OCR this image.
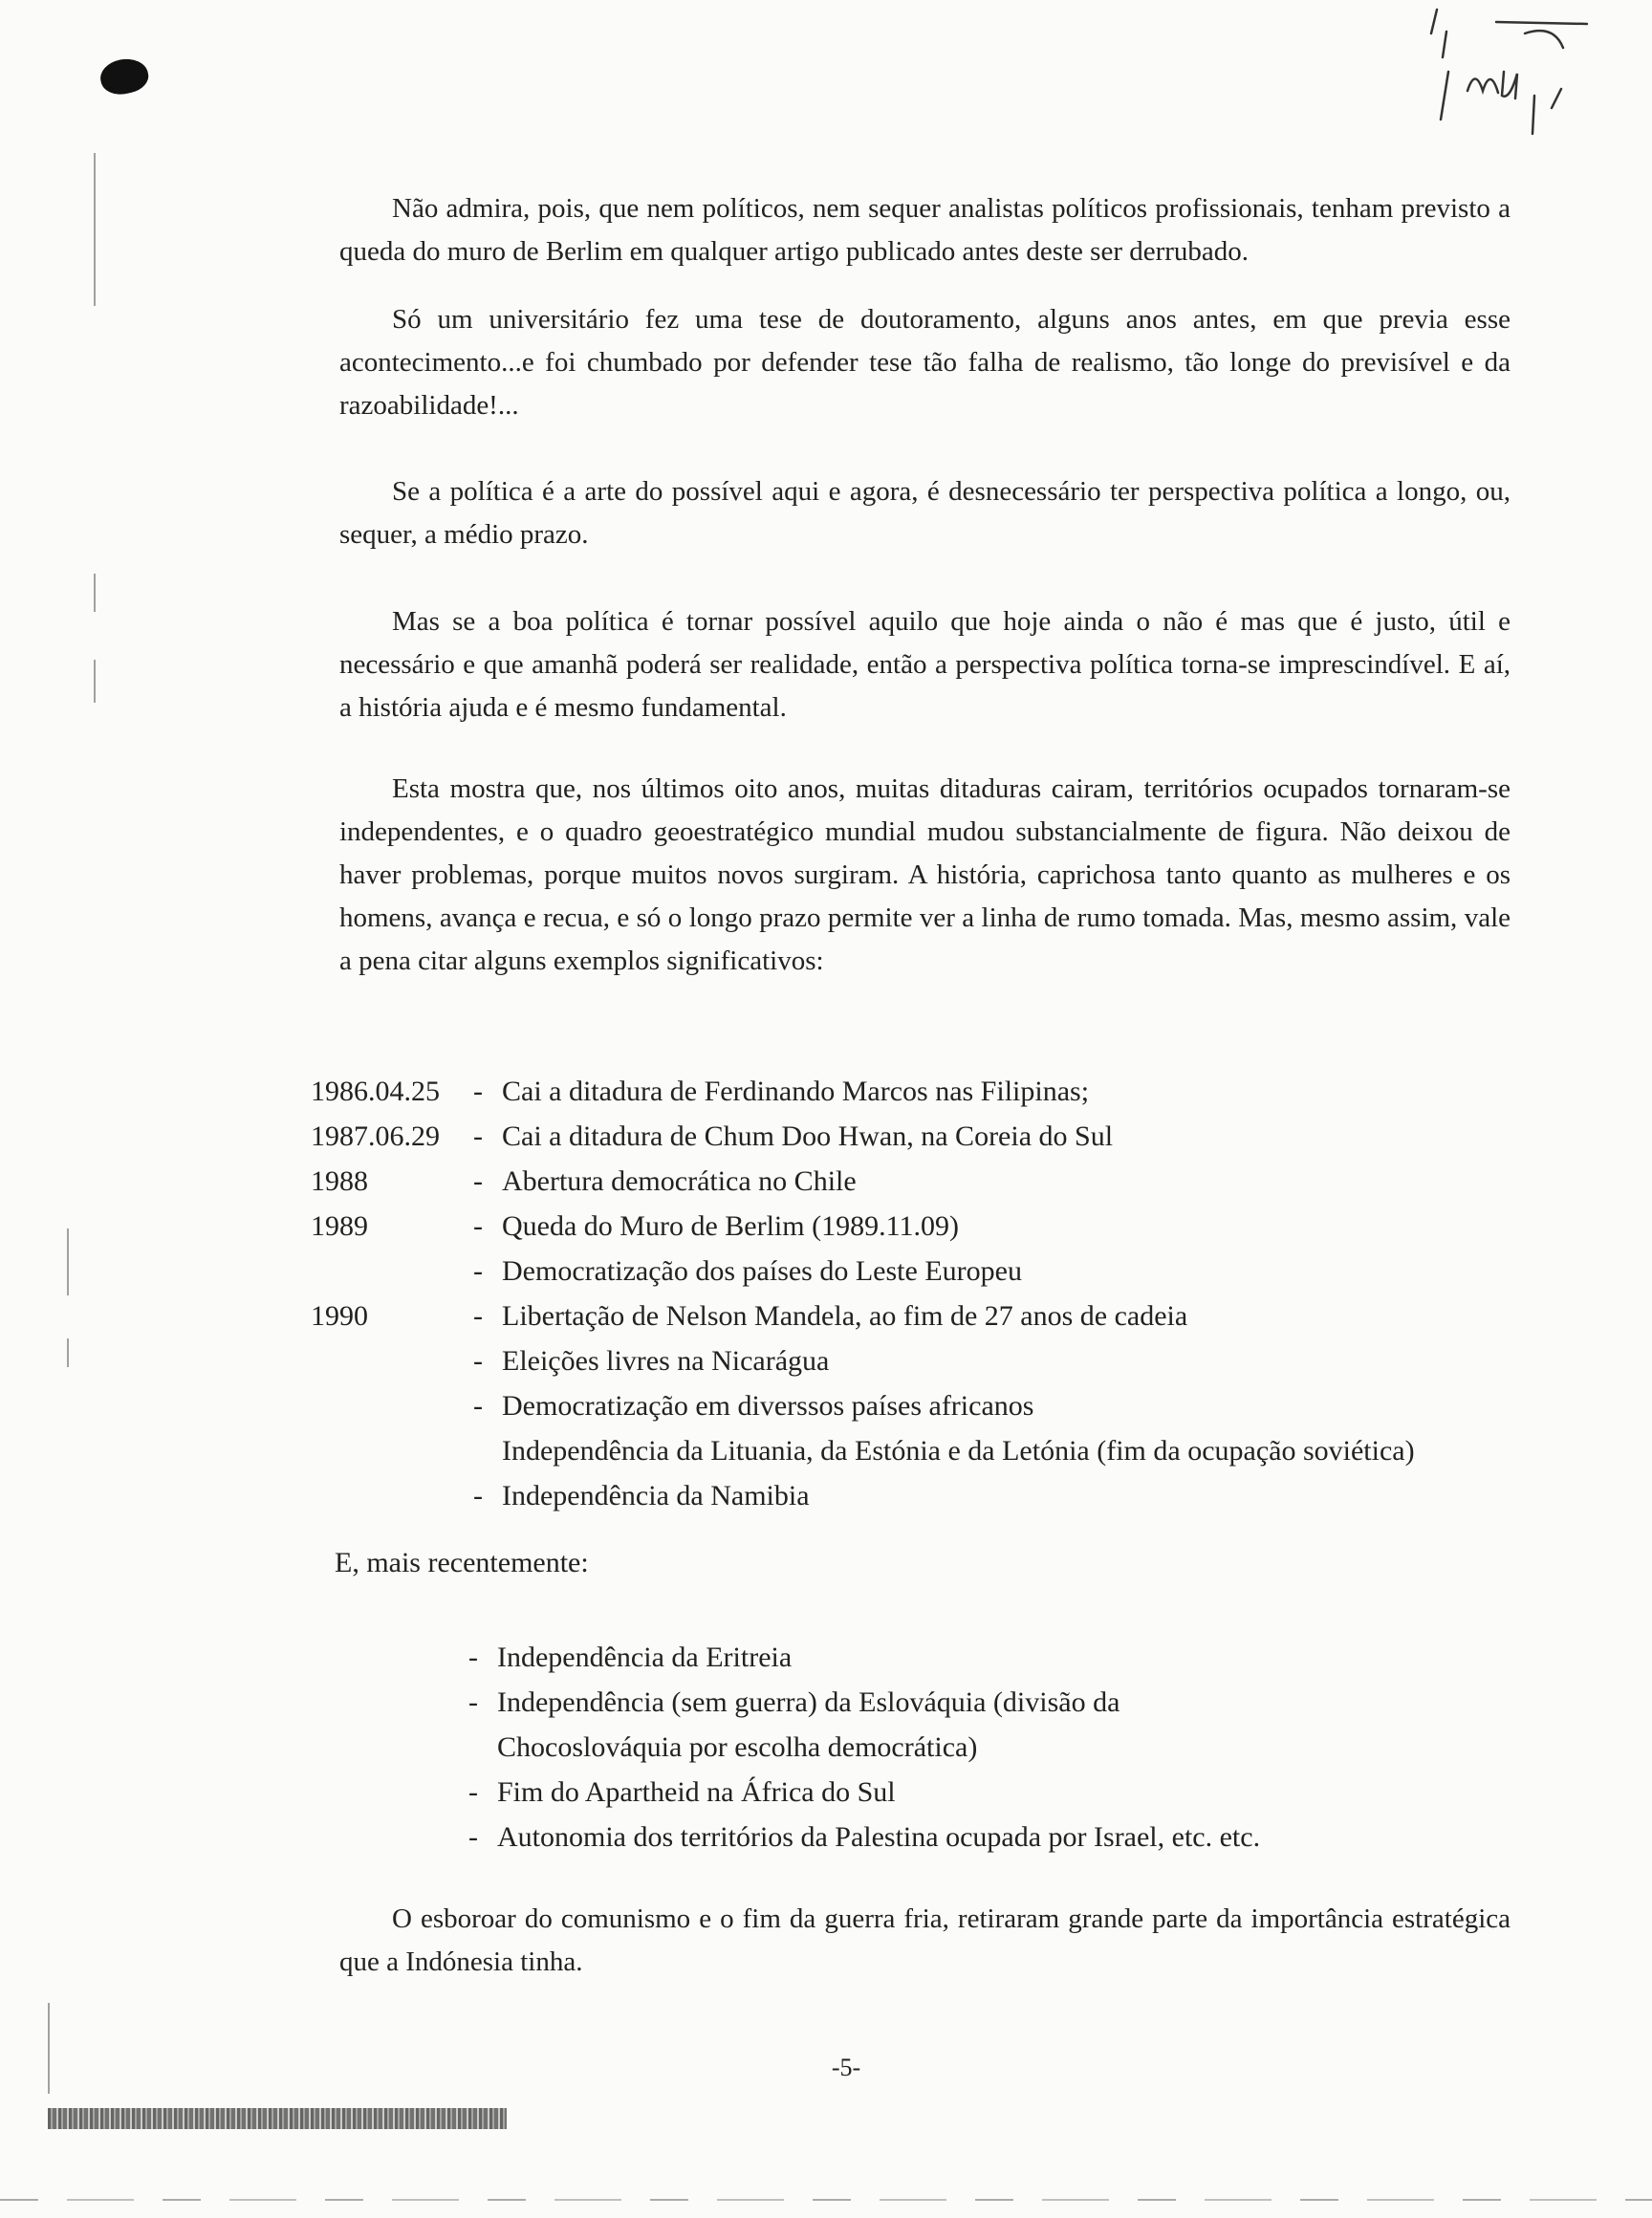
Não admira, pois, que nem políticos, nem sequer analistas políticos profissionais, tenham previsto a queda do muro de Berlim em qualquer artigo publicado antes deste ser derrubado.

Só um universitário fez uma tese de doutoramento, alguns anos antes, em que previa esse acontecimento...e foi chumbado por defender tese tão falha de realismo, tão longe do previsível e da razoabilidade!...

Se a política é a arte do possível aqui e agora, é desnecessário ter perspectiva política a longo, ou, sequer, a médio prazo.

Mas se a boa política é tornar possível aquilo que hoje ainda o não é mas que é justo, útil e necessário e que amanhã poderá ser realidade, então a perspectiva política torna-se imprescindível. E aí, a história ajuda e é mesmo fundamental.

Esta mostra que, nos últimos oito anos, muitas ditaduras cairam, territórios ocupados tornaram-se independentes, e o quadro geoestratégico mundial mudou substancialmente de figura. Não deixou de haver problemas, porque muitos novos surgiram. A história, caprichosa tanto quanto as mulheres e os homens, avança e recua, e só o longo prazo permite ver a linha de rumo tomada. Mas, mesmo assim, vale a pena citar alguns exemplos significativos:

1986.04.25	- Cai a ditadura de Ferdinando Marcos nas Filipinas;
1987.06.29	- Cai a ditadura de Chum Doo Hwan, na Coreia do Sul
1988	- Abertura democrática no Chile
1989	- Queda do Muro de Berlim (1989.11.09)
- Democratização dos países do Leste Europeu
1990	- Libertação de Nelson Mandela, ao fim de 27 anos de cadeia
- Eleições livres na Nicarágua
- Democratização em diverssos países africanos
Independência da Lituania, da Estónia e da Letónia (fim da ocupação soviética)
- Independência da Namibia
E, mais recentemente:
- Independência da Eritreia
- Independência (sem guerra) da Eslováquia (divisão da
Chocoslováquia por escolha democrática)
- Fim do Apartheid na África do Sul
- Autonomia dos territórios da Palestina ocupada por Israel, etc. etc.

O esboroar do comunismo e o fim da guerra fria, retiraram grande parte da importância estratégica que a Indónesia tinha.

-5-
